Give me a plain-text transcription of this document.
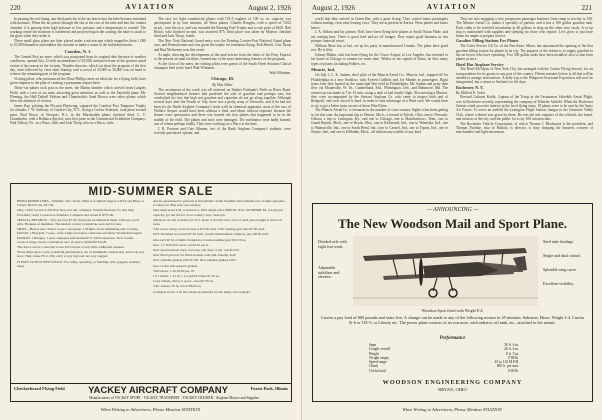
220	AVIATION	August 2, 1926

In passing the red fixing, any final particles in the air drawn into the tube become entrained with moisture. When the air passes through the slot at the rear of the tube and into the camera chamber it is passing from high pressure to low pressure and a temperature is created. The working centre the moisture is condensed and projected upon the coating; the latter is stuck to the glass when they strike it.

These small glass plates are later placed under a microscope which magnifies them 1,000 to 10,000 diameters and enables the scientist to make a count of the individual motes.

Camden, N. J.

The Central-Post air meet, which was postponed from its original date because of weather conditions, opened July 24 with an attendance of 10,000, and proved one of the greatest aerial events of the season in the vicinity. Thunder showers, which cut short the program of the first day, were followed by clear skies Sunday, and a crowd of 25,000 to 30,000 was on hand to witness the remaining part of the program.

Visiting pilots, who pronounced the Moss-Phillips meet an ideal site for a flying field, have given impetus to the plan of creating a permanent airport there.

Thirty-six planes took part in the meet, the Martin bomber which arrived from Langley Field, with a crew of six men, attracting great attention, as well as the Fairchild plane. Mr. Fleming, the Hall Dalzell Pelican and Chamberlin's Sand Brown were other planes which drew the attention of visitors.

James Ray, piloting the Pitcairn Fleetwing, captured the Comfort-Post Tempuser Trophy for altitude; J. W. Anthony, of Garden City, N.Y., flying a Curtiss Seahawk, took place second prize. Paul Bowe, of Newport, N.J., in the Martinsdale plane, finished third; C. C. Chamberlin, with a Bellanca Special, won first prize in the Commercial Exhibition Company; Paul Vallory, Pa., in a Waco, fifth; and Jack Thorp, also in a Waco, sixth.

The race for light commercial planes with OX-5 engines of 100 cu. in. capacity was participated in by four entrants, all Waco planes. Charles Roughn, with a speed of 74.02 m.p.h., won the race, and was awarded the Burning Fuel Trophy and a cash prize of $100. Bob Brook, who finished second, was awarded $75; third place was taken by Mayton, finished third and Jack Thorp, fourth.

The New York National Guard entry won the Evening Courier-Post National Guard plane race, and Pennsylvania unit was given the trophy for formation flying. Bob Hewitt, Guy Thorp and Bud McSeeney won this event.

At night, showing the development of the mail service from the times of the Pony Express to the present air mail facilities, formed one of the most interesting features of the program.

At the close of the meet, the visiting pilots were guests of the South Street Aviation Club at a banquet held in the hotel Walt Whitman.

Walt Whitman.

Chicago, Ill.

By Max Silber

The excitement of the week was all centered on Stinker Fairbank's Field on River Road. Several neighborhood farmers had protested the sale of gasoline and perhaps oats, but overlooked the fact that high test gasoline and cigarettes do not go along together. Although several days after the Fourth of July, there was a pretty array of fireworks, and if he had not been for the Ninth Airplane Company's truck with its chemical apparatus, most of the cars of Wallace Airport would have been without a shed, and about without exposure because the flames were spectacular and there was burned out four planes that happened to be in the middle of the field. The planes and each were damaged. The mechanics were badly burned, one of whom perhaps fatally. They were working on a Waco at the time.

J. R. Pevener and Cate Othmen, two of the Barth Airplane Company's students, were recently purchased a plane, and

MID-SUMMER SALE

HISSO PROPELLERS—Wartime. New Stock. Plain or toothpick tipped; will fit any Hisso or Liberty Hell Scout, $27.50.

Only 1 Hell Scout LS 220 H.P. New, not run, complete. Wonderful motor for any ship. Excellent; ready to install as Standard. Complete and crated at $375.00.

SPECIAL HELMETS—Very good at $7.50. Everyone recommends them, with very good pilot. Bonuses of members. The hardest correct to duplicate and sold for less.

SHIPS—Here is new chance to get a real plane. 1 Brightt, totals refinishing and covering $225.00. 1 Bewgadt, 7 pass., wide wings recovered, otherwise excellent. Wonderful bargain $2500.00. 1 Brenget, 7 pass. equipped with Roland F12 150 horsepower. New Curtiss covered wings, motor overhauled, new air space. $2500.00 F.O.B.

The above can be converted to use $125 motor at very little additional expense.

Those ships have a very wonderful performance, are of aluminum construction, and look very slow. They cruise 85 to 100, carry a very big load, are very rugged.

IT PAYS TO BUY NEW STOCK. For safety operating, or building. Also goggles, helmets, maps.

and are guaranteed to perform at full altitude. Some beautiful and valuable sets of ships and parts to clean out. Buy now, save money.

One small scout T.M. converted to OX5 single place $650.00. Over 100 MF&B. $4, 4-4 gal gas capacity, got the job for cross country, very clean job.

Albatross cut tail switches for W.V. plane to $15.00 each. Lots of used parts bought at such low rates.

T.M. lower wings covered class A $15.00 each. T.M. landing gear tires $7.50 each.

D.H. Stratified wood seat $7.50 each. Curtiss thermometer radiators, new $8.50 each.

One each 26 by 4 Jumbo Standard or Curtiss landing gear $10.50 ea.

New 1.7 TOS Fall stock coil $2.25 per ft.

New special nitrate dope, not soap, cell dope, 5 gal. can $10.50.

New fitted gas tear. No fitted hookup with pull-friendly. $.40

New cylinder gaskets OX5 $1.00. New exhaust gaskets OX5.

Now rocker arm support gaskets.

Toil/valves. 1-10 $2.00 per 10.

1.51 which, 1-15 by 1 1/2 gold 8-wheel $7.50 ea.

Jossy wheels, 26 by 4, good—used $7.50 ea.

T.M. wheels, 26 by 4 new $8.50 ea.

Complete stock of all new made up material for the Jenny and Canucks.

Checkerboard Flying Field	YACKEY AIRCRAFT COMPANY	Forest Park, Illinois
Manufacturers of YACKEY SPORT - YACKEY TRANSPORT - YACKEY CRUSIER - Airplane Motors and Supplies
When Writing to Advertisers, Please Mention AVIATION
August 2, 1926	AVIATION	221

world that they arrived in Green Bay with a great flying. They carried many passengers without mishap, even after leaving a tire. They are at present in Aurora. Weso planes and hours hence.

J. A. Abbott and his partner, Noll, have been flying their planes at South Nolan Flade, and are coming here. There is good feed and no off hunger. They report good business in this prosper financial resort.

William Moer has at last, set up his party in manufactured Canada. The plans have good test. He is fifty.

Johnny Blalen, who has been flying for the Tower Airport of Los Angeles, has returned to his home in Chicago to remain for some time. Whiles in the capital of Brasa, he flew many types of planes, including Folkers, etc.

Muncie, Ind.

On July 1, L. K. Sadam, chief pilot of the Muncie Aerial Co., Muncie, Ind., hopped off for Philadelphia in a new Swallow, with Everett Godbritt and Joe Marker as passengers. Right hours later they landed on the municipal War field in Philadelphia. Mr. Sadam and party then flew via Mountville, W. Va., Cumberland, Md., Wilmington, Del., and Baltimore, Md. The return trip was made in 7 hr. 45 min., using a tank of fuel totally flight. Also missing a Muncie, they were accompanied by the Stewart Airplane Co. who came to inspect both and of Bringsell, and were forced to land; in order to take advantage of a Weal cord. We would have to try to get a better form on one of those Pike Eilers.

The Muncie Aerial Co. is fortunate in the number of cross-country flights it has been getting so far this year. An important trip to Detroit, Mich., a second to Toledo, Ohio, one to Newsuth, Gibson, a trip to Lexington, Ky., and one to Chicago, one to Mantlearbows, Tenn., one to Grand Rapids, Mich., one to Bryan, Ohio, one to Richmond, Ind., one to Winnetka, Ind., one to Walnutville, Ind., one to South Bend, Ind., four to Carmel, Ind., one to Tipton, Ind., one to Wayne, Ind., and one to Hillsdale, Mich., all without any trouble of any kind.

They are also engaging a very prosperous passenger business from camp to ten day to 160. The Muncie Aerial Co. makes a specialty of parlour, and it has a 100 gallon gasoline tank. Each cabin to be certified inoculation in 40 gallons to drop on the other very easily. A co-op stop is maintained with supplies and sleeping for those who require. Let's grow to just have home for ample to prepare service.

Gasoline Filling Stations For Planes

The Cities Service Oil Co. of the Pan-Amer. Mines, has announced the opening of the first gasoline filling station for planes in its city. The purpose of the station is to supply gasoline to the air foyers who have operating. Two 500 gallon tanks have been installed, also so that from planes at once.

Hotel Has Airplane Service

The Hotel McAlpin, of New York City, has arranged with the Curtiss Flying Service, for air transportation for its guests to any part of the country. Fifteen minutes before is all that will be needed to arrange reservations. A daily trip to the Walgreen-Ocasional Exposition will now be inaugurated, but a return to Sachem's to the days.

Rochester, N. Y.

By Mildred E. Swim

Howard Cathcart Koble, Captain of the Troop in the Vacationers Schedule Aerial Flight, was in Rochester recently, representing the company of Wheeler Airfield. When the Rochester Station voted an active interest in the local flying army, 18 planes were to be sent by the Army Air Forces. To serve an airfield the Lexington Flight Station, hangar to the Genessee Valley Club, where a dinner was given by them. He was the sole enquirer of the officials, the board, and aviators of the city, and the public for a city 100 aviation sake.

The Rochester Vehicle Corporation, of which Thomas J. Blackmore is the president, and Thomas Tyndale, also of Buffalo, is director, is busy shipping the business concern of merchandise and light movement.

— ANNOUNCING —
The New Woodson Mail and Sport Plane.
Divided axle with eight foot tread.
Adjustable stabilizer and elevator.
Steel tube fuselage.
Single and dual control.
Splendid wing curve.
Excellent visibility.
Woodson Sport fitted with Wright E-4.
Carries a pay load of 800 pounds and seats five. A change can be made to any of the following motors in 45 minutes: Salmson, Hisso, Wright J-4, Curtiss K-6 or OX-5, or Liberty etc. The power plant consists of an eon nose, with radiator, oil tank, etc., attached to the mount.
Performance
Span	38 ft. 6 in.
Length overall	26 ft. 4 in.
Height	8 ft. 5 in.
Weight empty	1700 lb.
Speed range	45 to 110 M.P.H.
Climb	800 ft. per min.
Useful load	1100 lb.
WOODSON ENGINEERING COMPANY
BRYAN, OHIO
When Writing to Advertisers, Please Mention AVIATION
